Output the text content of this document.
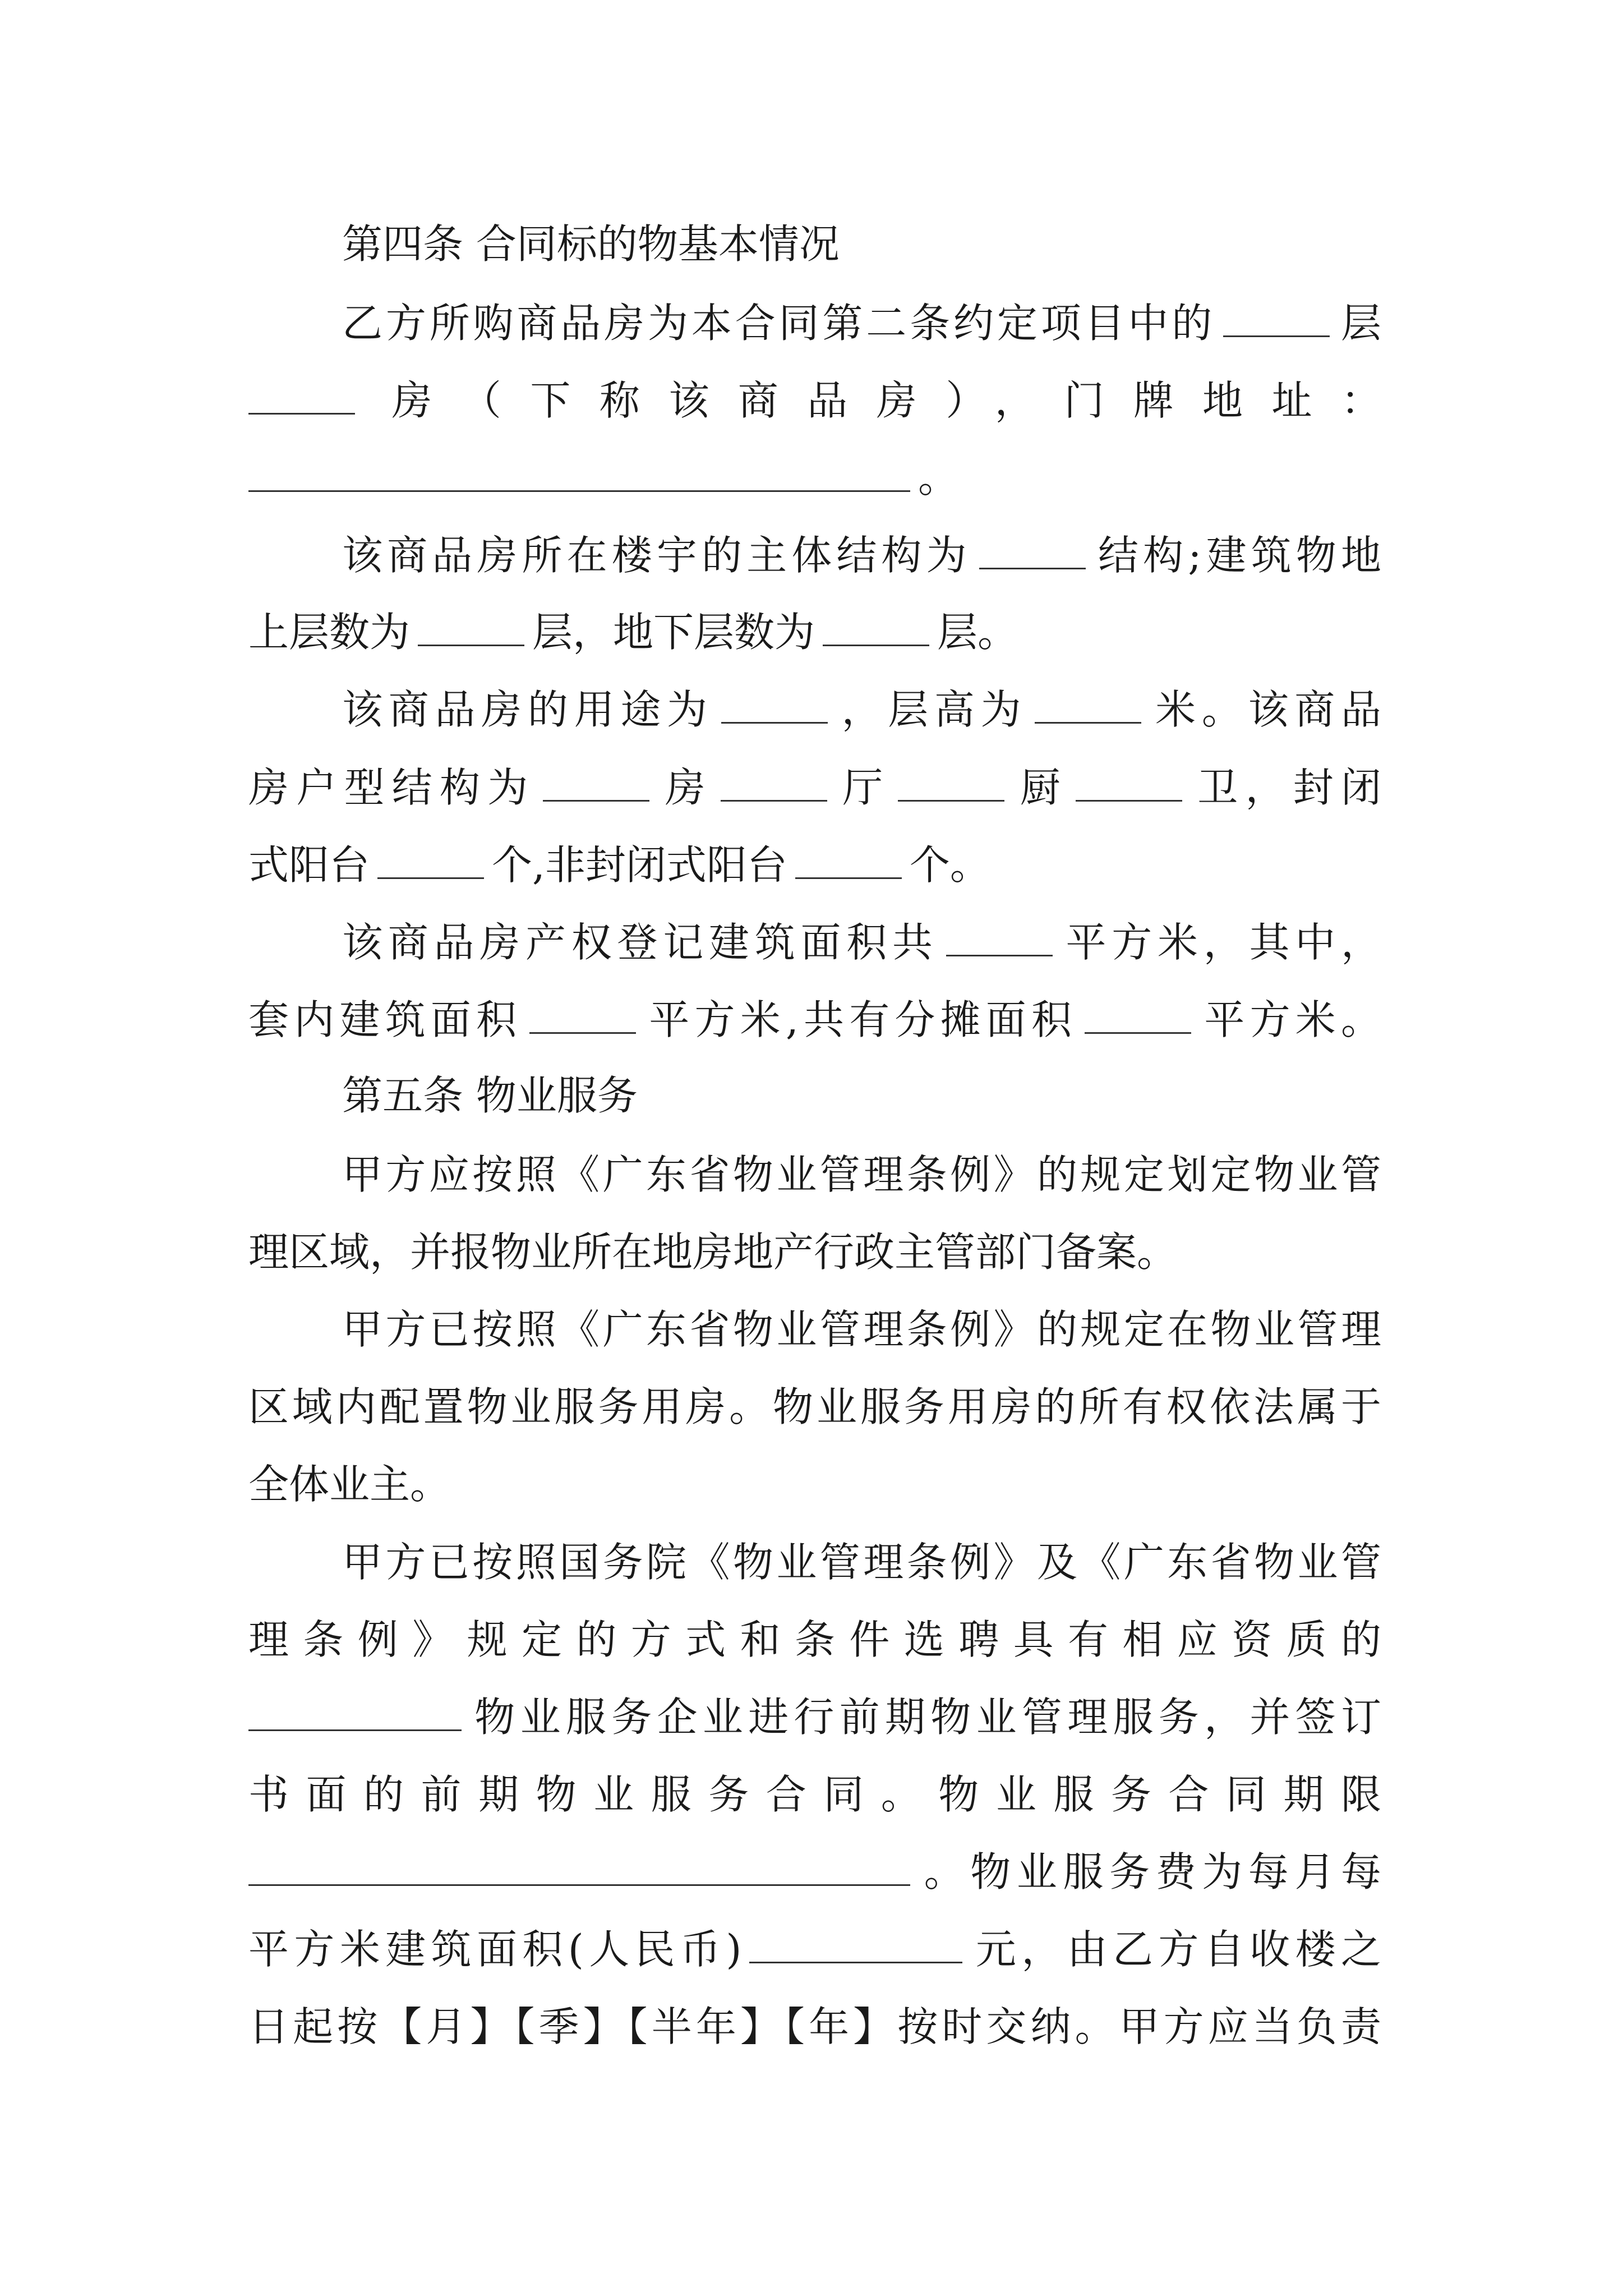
第四条 合同标的物基本情况
乙方所购商品房为本合同第二条约定项目中的	层
房（下称该商品房），门牌地址：
。
该商品房所在楼宇的主体结构为	结构;建筑物地
上层数为	层，地下层数为	层。
该商品房的用途为	，层高为	米。该商品
房户型结构为	房	厅	厨	卫，封闭
式阳台	个,非封闭式阳台	个。
该商品房产权登记建筑面积共	平方米，其中，
套内建筑面积	平方米,共有分摊面积	平方米。
第五条 物业服务
甲方应按照《广东省物业管理条例》的规定划定物业管
理区域，并报物业所在地房地产行政主管部门备案。
甲方已按照《广东省物业管理条例》的规定在物业管理
区域内配置物业服务用房。物业服务用房的所有权依法属于
全体业主。
甲方已按照国务院《物业管理条例》及《广东省物业管
理条例》规定的方式和条件选聘具有相应资质的
物业服务企业进行前期物业管理服务，并签订
书面的前期物业服务合同。物业服务合同期限
。物业服务费为每月每
平方米建筑面积(人民币)	元，由乙方自收楼之
日起按【月】【季】【半年】【年】按时交纳。甲方应当负责
